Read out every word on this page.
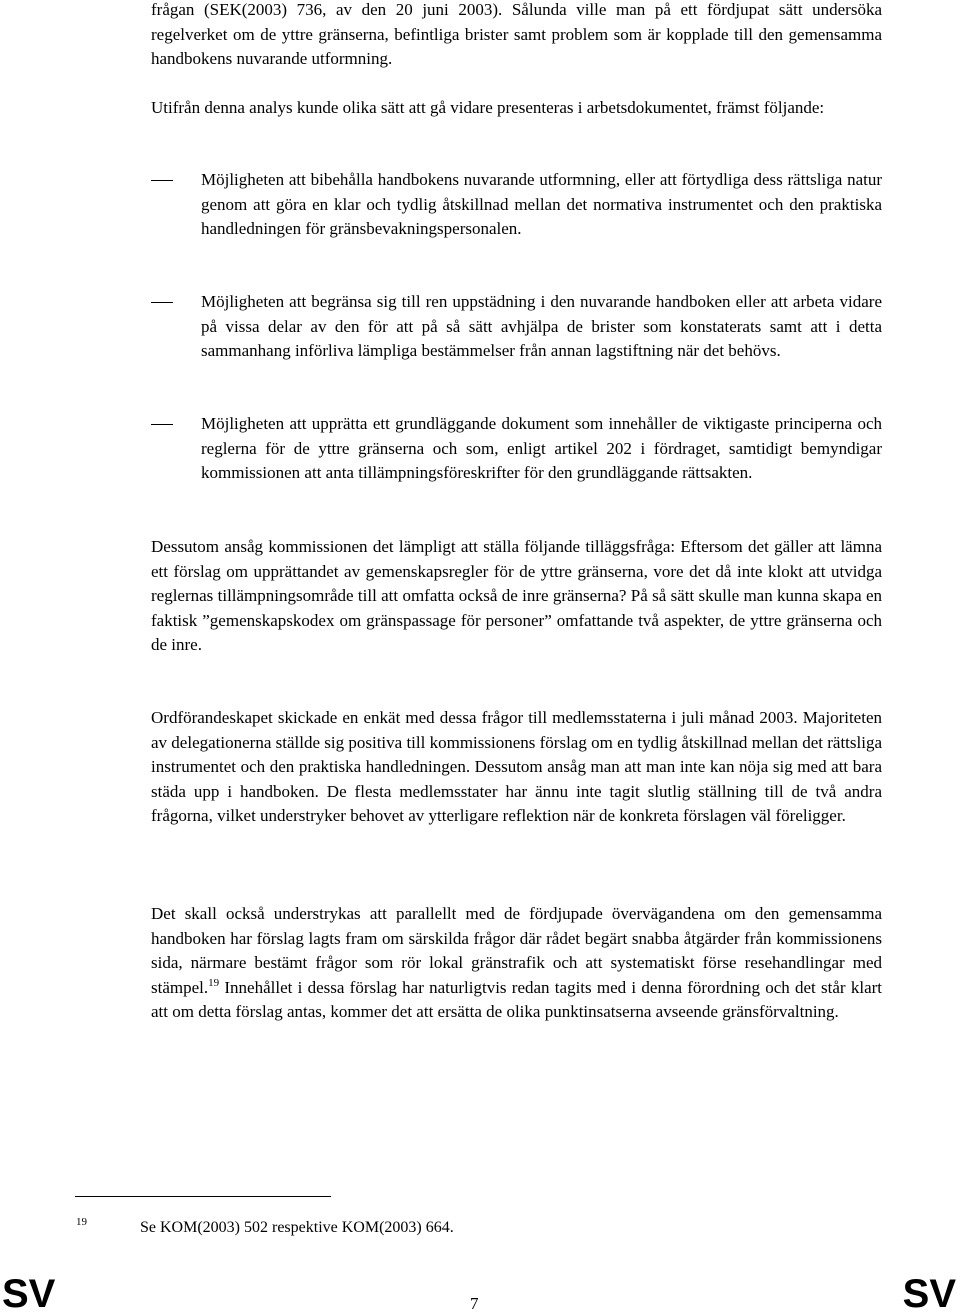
frågan (SEK(2003) 736, av den 20 juni 2003). Sålunda ville man på ett fördjupat sätt undersöka regelverket om de yttre gränserna, befintliga brister samt problem som är kopplade till den gemensamma handbokens nuvarande utformning.

Utifrån denna analys kunde olika sätt att gå vidare presenteras i arbetsdokumentet, främst följande:

Möjligheten att bibehålla handbokens nuvarande utformning, eller att förtydliga dess rättsliga natur genom att göra en klar och tydlig åtskillnad mellan det normativa instrumentet och den praktiska handledningen för gränsbevakningspersonalen.

Möjligheten att begränsa sig till ren uppstädning i den nuvarande handboken eller att arbeta vidare på vissa delar av den för att på så sätt avhjälpa de brister som konstaterats samt att i detta sammanhang införliva lämpliga bestämmelser från annan lagstiftning när det behövs.

Möjligheten att upprätta ett grundläggande dokument som innehåller de viktigaste principerna och reglerna för de yttre gränserna och som, enligt artikel 202 i fördraget, samtidigt bemyndigar kommissionen att anta tillämpningsföreskrifter för den grundläggande rättsakten.

Dessutom ansåg kommissionen det lämpligt att ställa följande tilläggsfråga: Eftersom det gäller att lämna ett förslag om upprättandet av gemenskapsregler för de yttre gränserna, vore det då inte klokt att utvidga reglernas tillämpningsområde till att omfatta också de inre gränserna? På så sätt skulle man kunna skapa en faktisk ”gemenskapskodex om gränspassage för personer” omfattande två aspekter, de yttre gränserna och de inre.

Ordförandeskapet skickade en enkät med dessa frågor till medlemsstaterna i juli månad 2003. Majoriteten av delegationerna ställde sig positiva till kommissionens förslag om en tydlig åtskillnad mellan det rättsliga instrumentet och den praktiska handledningen. Dessutom ansåg man att man inte kan nöja sig med att bara städa upp i handboken. De flesta medlemsstater har ännu inte tagit slutlig ställning till de två andra frågorna, vilket understryker behovet av ytterligare reflektion när de konkreta förslagen väl föreligger.

Det skall också understrykas att parallellt med de fördjupade övervägandena om den gemensamma handboken har förslag lagts fram om särskilda frågor där rådet begärt snabba åtgärder från kommissionens sida, närmare bestämt frågor som rör lokal gränstrafik och att systematiskt förse resehandlingar med stämpel.$^{19}$ Innehållet i dessa förslag har naturligtvis redan tagits med i denna förordning och det står klart att om detta förslag antas, kommer det att ersätta de olika punktinsatserna avseende gränsförvaltning.

19	Se KOM(2003) 502 respektive KOM(2003) 664.
SV	7	SV
